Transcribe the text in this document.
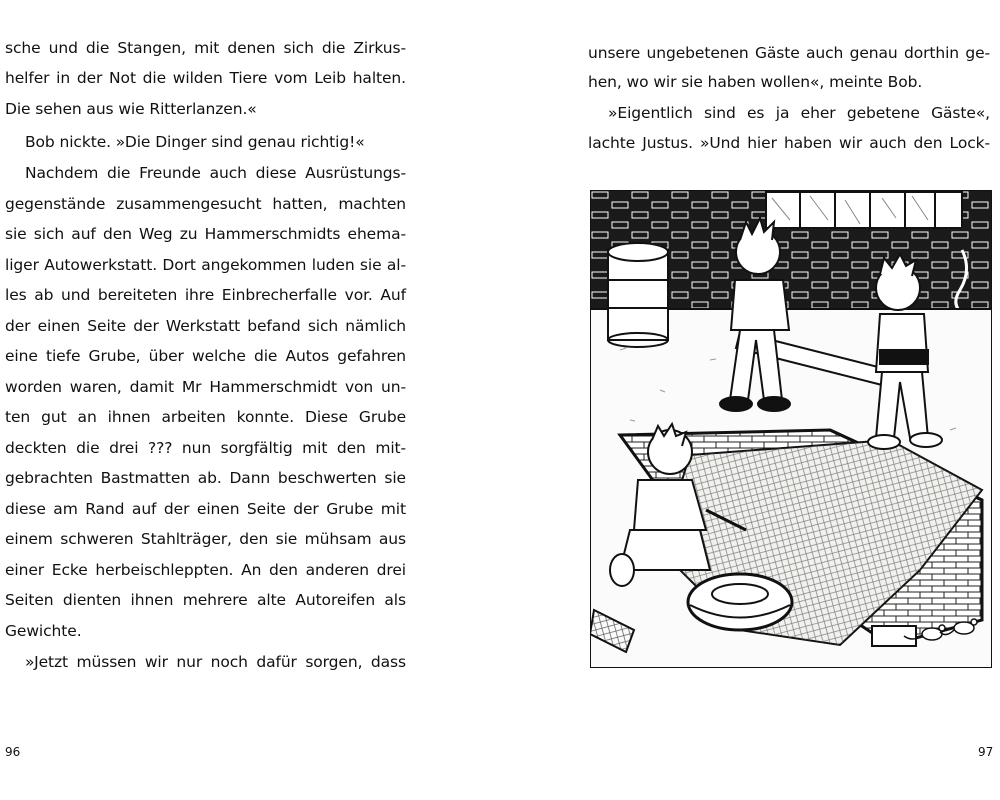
sche und die Stangen, mit denen sich die Zirkus-
helfer in der Not die wilden Tiere vom Leib halten.
Die sehen aus wie Ritterlanzen.«
Bob nickte. »Die Dinger sind genau richtig!«
Nachdem die Freunde auch diese Ausrüstungs-
gegenstände zusammengesucht hatten, machten
sie sich auf den Weg zu Hammerschmidts ehema-
liger Autowerkstatt. Dort angekommen luden sie al-
les ab und bereiteten ihre Einbrecherfalle vor. Auf
der einen Seite der Werkstatt befand sich nämlich
eine tiefe Grube, über welche die Autos gefahren
worden waren, damit Mr Hammerschmidt von un-
ten gut an ihnen arbeiten konnte. Diese Grube
deckten die drei ??? nun sorgfältig mit den mit-
gebrachten Bastmatten ab. Dann beschwerten sie
diese am Rand auf der einen Seite der Grube mit
einem schweren Stahlträger, den sie mühsam aus
einer Ecke herbeischleppten. An den anderen drei
Seiten dienten ihnen mehrere alte Autoreifen als
Gewichte.
»Jetzt müssen wir nur noch dafür sorgen, dass
96
unsere ungebetenen Gäste auch genau dorthin ge-
hen, wo wir sie haben wollen«, meinte Bob.
»Eigentlich sind es ja eher gebetene Gäste«,
lachte Justus. »Und hier haben wir auch den Lock-
97
